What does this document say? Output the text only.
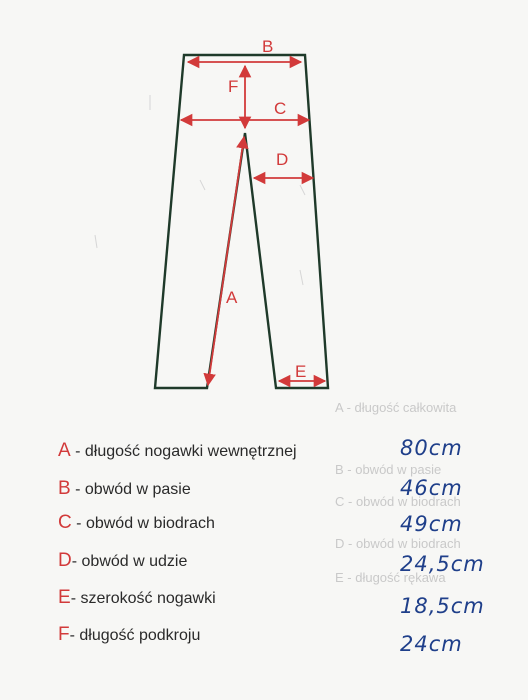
B
F
C
D
A
E
A - długość całkowita
B - obwód w pasie
C - obwód w biodrach
D - obwód w biodrach
E - długość rękawa
A - długość nogawki wewnętrznej	80cm
B - obwód w pasie	46cm
C - obwód w biodrach	49cm
D- obwód w udzie	24,5cm
E- szerokość nogawki	18,5cm
F- długość podkroju	24cm
